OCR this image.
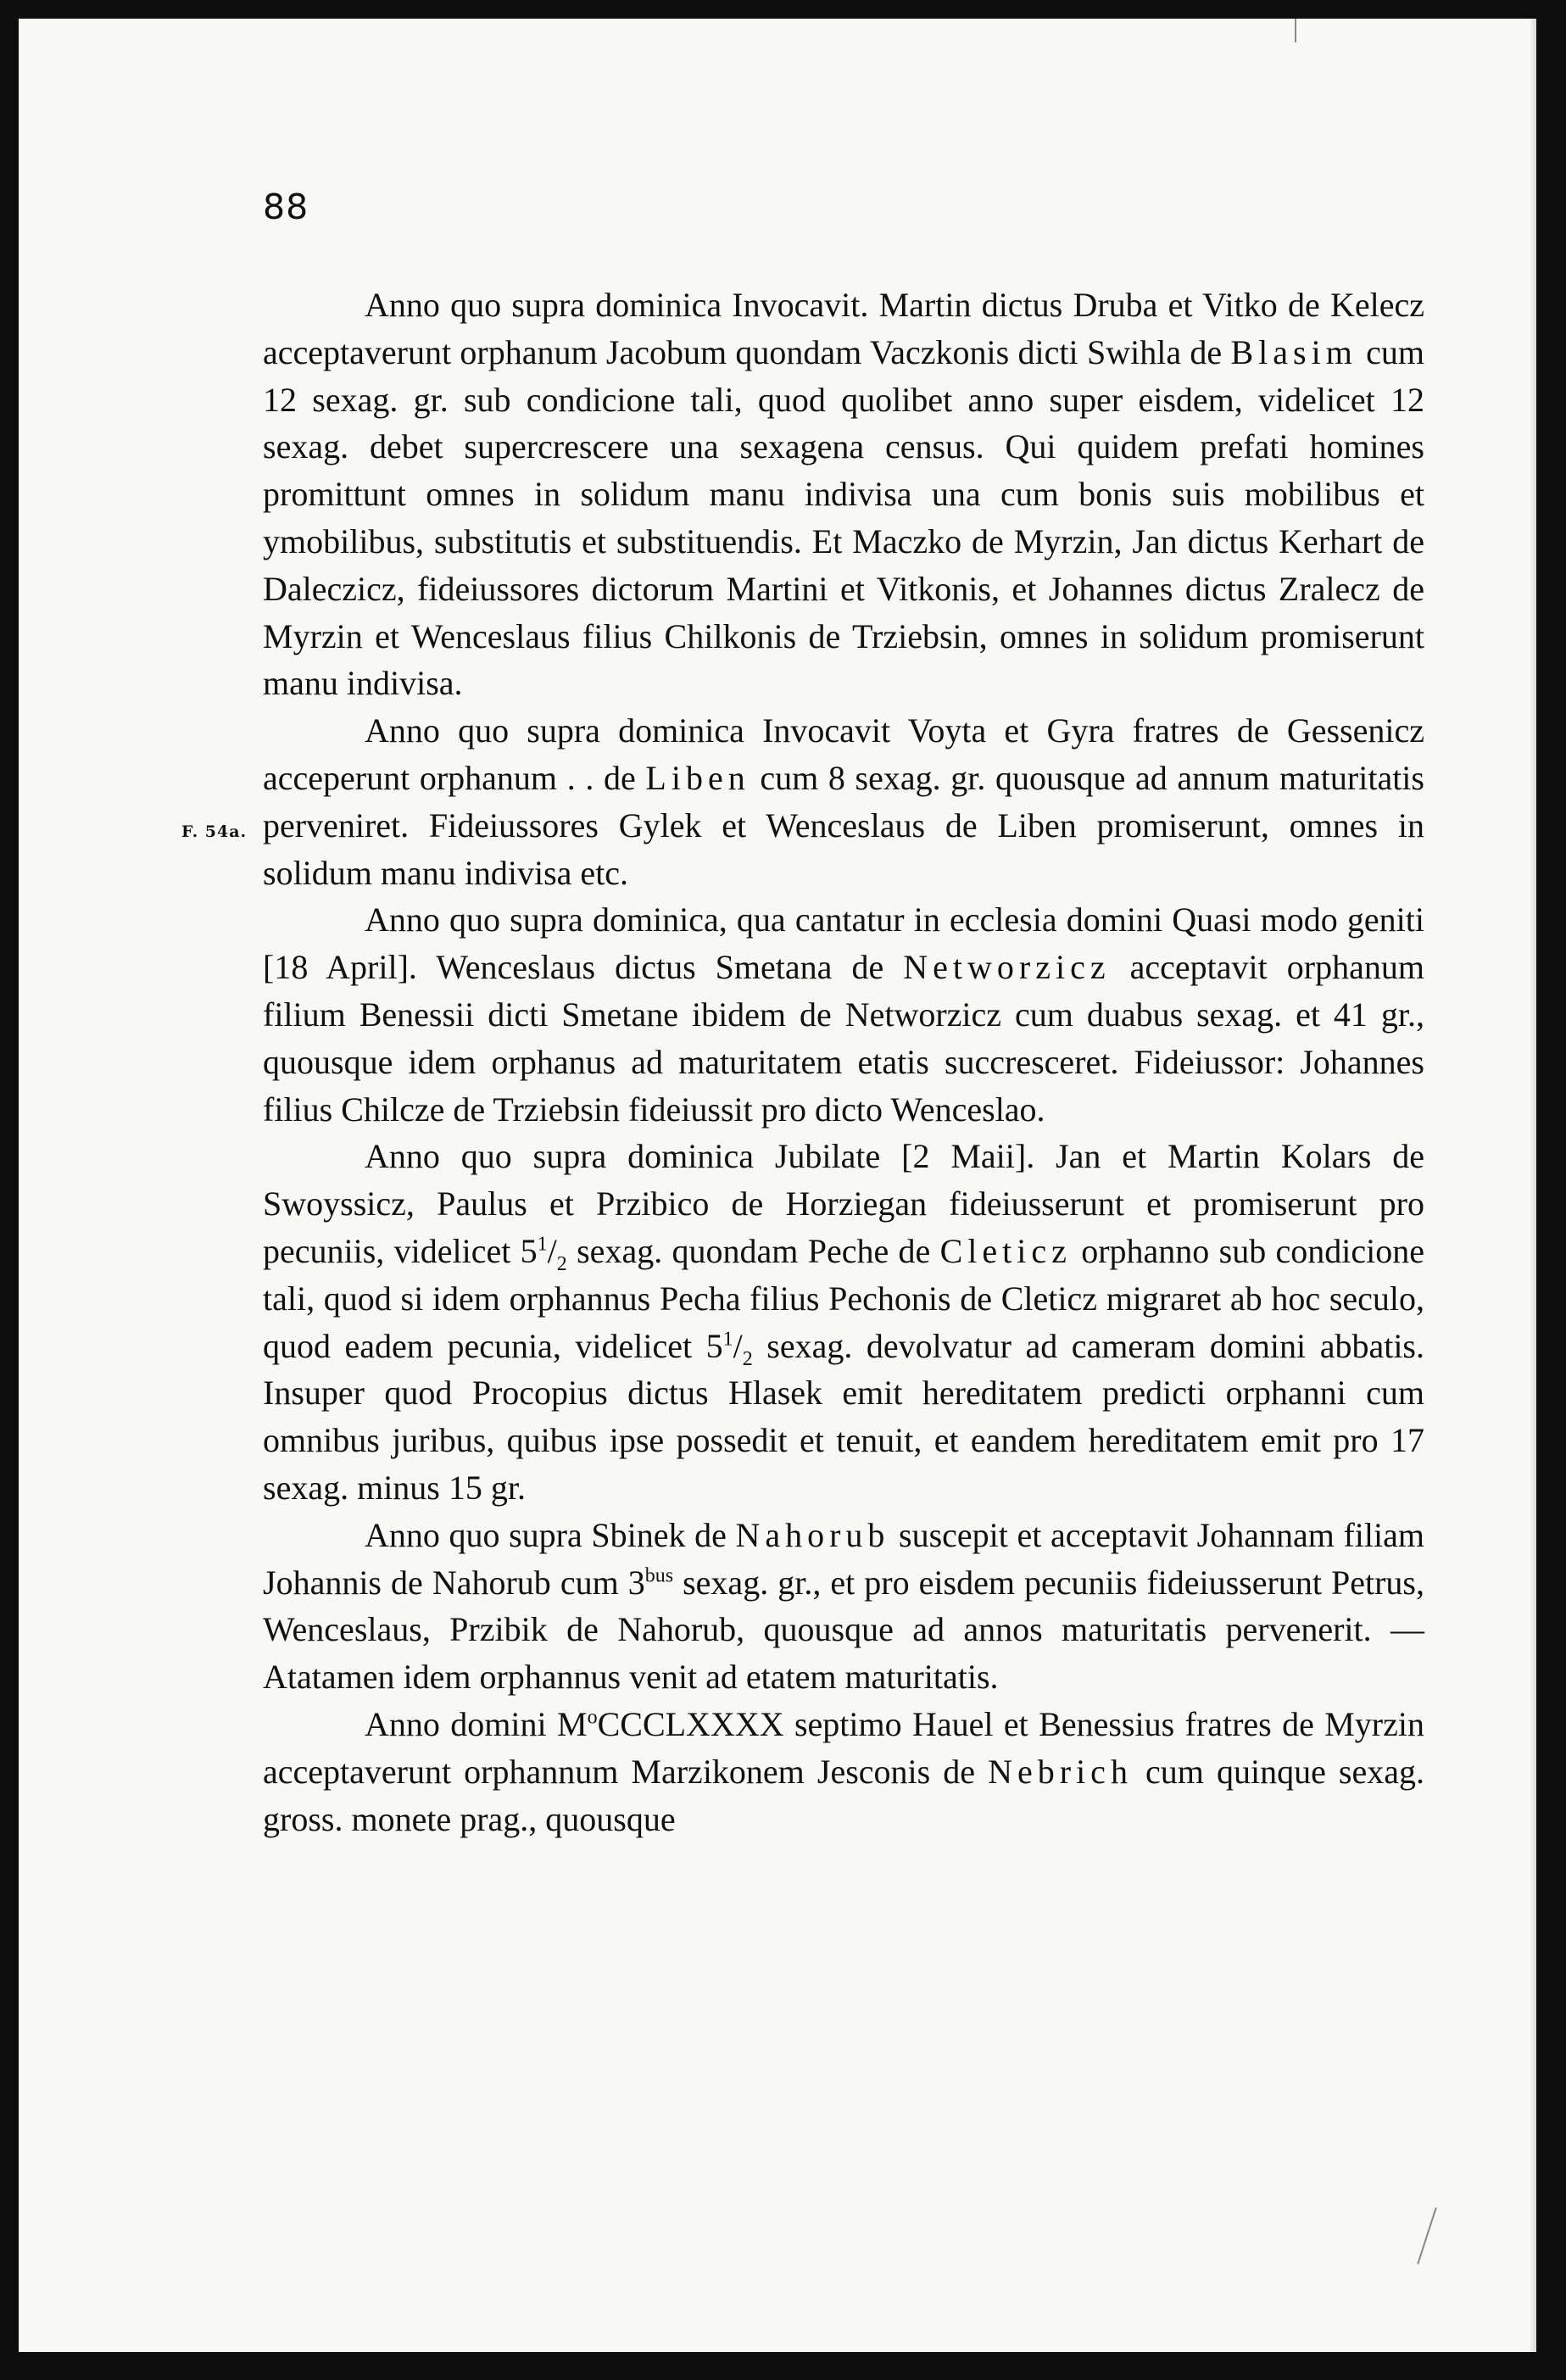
88
F. 54a.

Anno quo supra dominica Invocavit. Martin dictus Druba et Vitko de Kelecz acceptaverunt orphanum Jacobum quondam Vaczkonis dicti Swihla de Blasim cum 12 sexag. gr. sub condicione tali, quod quolibet anno super eisdem, videlicet 12 sexag. debet supercrescere una sexagena census. Qui quidem prefati homines promittunt omnes in solidum manu indivisa una cum bonis suis mobilibus et ymobilibus, substitutis et substituendis. Et Maczko de Myrzin, Jan dictus Kerhart de Daleczicz, fideiussores dictorum Martini et Vitkonis, et Johannes dictus Zralecz de Myrzin et Wenceslaus filius Chilkonis de Trziebsin, omnes in solidum promiserunt manu indivisa.

Anno quo supra dominica Invocavit Voyta et Gyra fratres de Gessenicz acceperunt orphanum . . de Liben cum 8 sexag. gr. quousque ad annum maturitatis perveniret. Fideiussores Gylek et Wenceslaus de Liben promiserunt, omnes in solidum manu indivisa etc.

Anno quo supra dominica, qua cantatur in ecclesia domini Quasi modo geniti [18 April]. Wenceslaus dictus Smetana de Networzicz acceptavit orphanum filium Benessii dicti Smetane ibidem de Networzicz cum duabus sexag. et 41 gr., quousque idem orphanus ad maturitatem etatis succresceret. Fideiussor: Johannes filius Chilcze de Trziebsin fideiussit pro dicto Wenceslao.

Anno quo supra dominica Jubilate [2 Maii]. Jan et Martin Kolars de Swoyssicz, Paulus et Przibico de Horziegan fideiusserunt et promiserunt pro pecuniis, videlicet $5^1/_2$ sexag. quondam Peche de Cleticz orphanno sub condicione tali, quod si idem orphannus Pecha filius Pechonis de Cleticz migraret ab hoc seculo, quod eadem pecunia, videlicet $5^1/_2$ sexag. devolvatur ad cameram domini abbatis. Insuper quod Procopius dictus Hlasek emit hereditatem predicti orphanni cum omnibus juribus, quibus ipse possedit et tenuit, et eandem hereditatem emit pro 17 sexag. minus 15 gr.

Anno quo supra Sbinek de Nahorub suscepit et acceptavit Johannam filiam Johannis de Nahorub cum $3^{bus}$ sexag. gr., et pro eisdem pecuniis fideiusserunt Petrus, Wenceslaus, Przibik de Nahorub, quousque ad annos maturitatis pervenerit. — Atatamen idem orphannus venit ad etatem maturitatis.

Anno domini $M^oCCCLXXXX$ septimo Hauel et Benessius fratres de Myrzin acceptaverunt orphannum Marzikonem Jesconis de Nebrich cum quinque sexag. gross. monete prag., quousque
